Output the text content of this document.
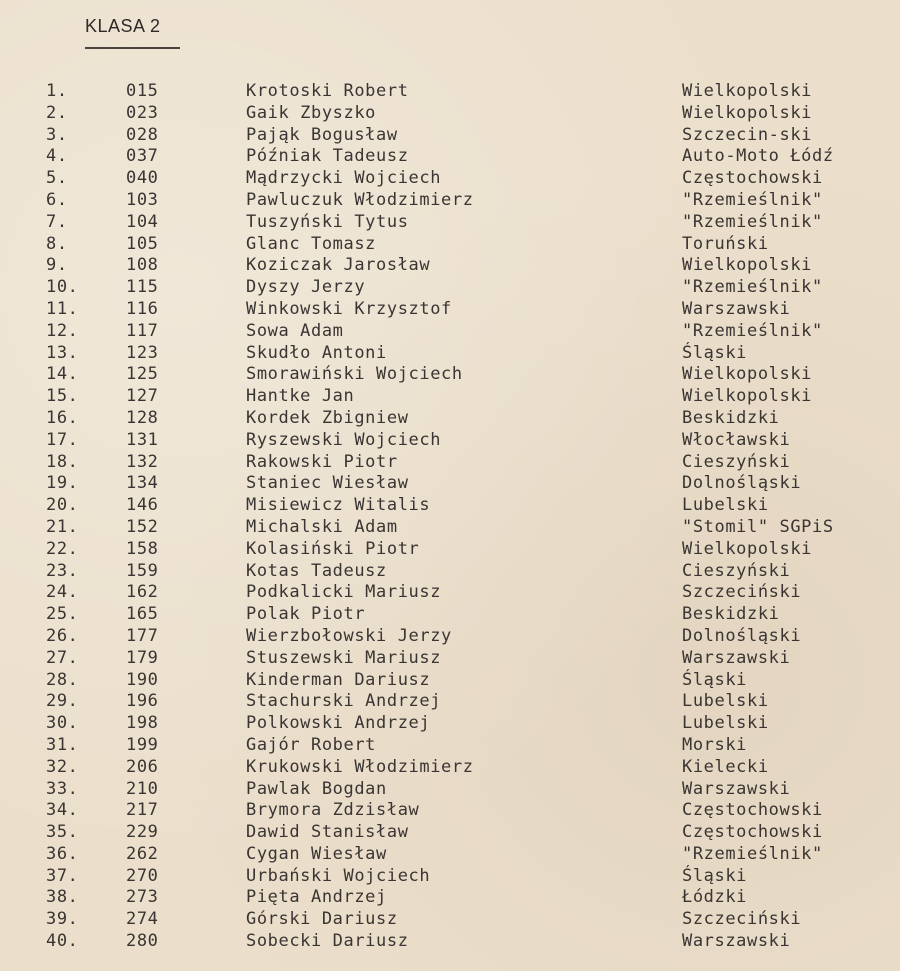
KLASA 2
1.	015	Krotoski Robert	Wielkopolski
2.	023	Gaik Zbyszko	Wielkopolski
3.	028	Pająk Bogusław	Szczecin-ski
4.	037	Późniak Tadeusz	Auto-Moto Łódź
5.	040	Mądrzycki Wojciech	Częstochowski
6.	103	Pawluczuk Włodzimierz	"Rzemieślnik"
7.	104	Tuszyński Tytus	"Rzemieślnik"
8.	105	Glanc Tomasz	Toruński
9.	108	Koziczak Jarosław	Wielkopolski
10.	115	Dyszy Jerzy	"Rzemieślnik"
11.	116	Winkowski Krzysztof	Warszawski
12.	117	Sowa Adam	"Rzemieślnik"
13.	123	Skudło Antoni	Śląski
14.	125	Smorawiński Wojciech	Wielkopolski
15.	127	Hantke Jan	Wielkopolski
16.	128	Kordek Zbigniew	Beskidzki
17.	131	Ryszewski Wojciech	Włocławski
18.	132	Rakowski Piotr	Cieszyński
19.	134	Staniec Wiesław	Dolnośląski
20.	146	Misiewicz Witalis	Lubelski
21.	152	Michalski Adam	"Stomil" SGPiS
22.	158	Kolasiński Piotr	Wielkopolski
23.	159	Kotas Tadeusz	Cieszyński
24.	162	Podkalicki Mariusz	Szczeciński
25.	165	Polak Piotr	Beskidzki
26.	177	Wierzbołowski Jerzy	Dolnośląski
27.	179	Stuszewski Mariusz	Warszawski
28.	190	Kinderman Dariusz	Śląski
29.	196	Stachurski Andrzej	Lubelski
30.	198	Polkowski Andrzej	Lubelski
31.	199	Gajór Robert	Morski
32.	206	Krukowski Włodzimierz	Kielecki
33.	210	Pawlak Bogdan	Warszawski
34.	217	Brymora Zdzisław	Częstochowski
35.	229	Dawid Stanisław	Częstochowski
36.	262	Cygan Wiesław	"Rzemieślnik"
37.	270	Urbański Wojciech	Śląski
38.	273	Pięta Andrzej	Łódzki
39.	274	Górski Dariusz	Szczeciński
40.	280	Sobecki Dariusz	Warszawski
